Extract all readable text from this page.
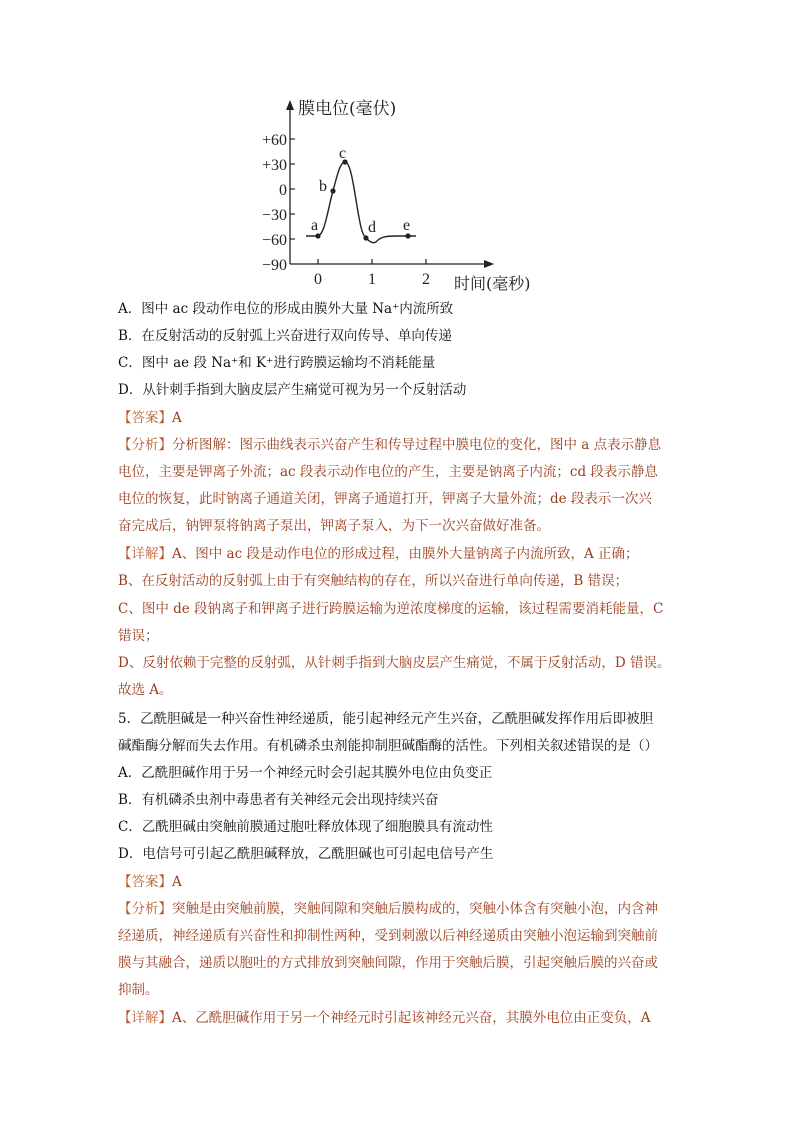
+60
+30
0
−30
−60
−90
0	1	2
膜电位(毫伏)
时间(毫秒)
a
b
c
d e
A．图中 ac 段动作电位的形成由膜外大量 Na⁺内流所致
B．在反射活动的反射弧上兴奋进行双向传导、单向传递
C．图中 ae 段 Na⁺和 K⁺进行跨膜运输均不消耗能量
D．从针刺手指到大脑皮层产生痛觉可视为另一个反射活动
【答案】A
【分析】分析图解：图示曲线表示兴奋产生和传导过程中膜电位的变化，图中 a 点表示静息
电位，主要是钾离子外流；ac 段表示动作电位的产生，主要是钠离子内流；cd 段表示静息
电位的恢复，此时钠离子通道关闭，钾离子通道打开，钾离子大量外流；de 段表示一次兴
奋完成后，钠钾泵将钠离子泵出，钾离子泵入，为下一次兴奋做好准备。
【详解】A、图中 ac 段是动作电位的形成过程，由膜外大量钠离子内流所致，A 正确；
B、在反射活动的反射弧上由于有突触结构的存在，所以兴奋进行单向传递，B 错误；
C、图中 de 段钠离子和钾离子进行跨膜运输为逆浓度梯度的运输，该过程需要消耗能量，C
错误；
D、反射依赖于完整的反射弧，从针刺手指到大脑皮层产生痛觉，不属于反射活动，D 错误。
故选 A。
5．乙酰胆碱是一种兴奋性神经递质，能引起神经元产生兴奋，乙酰胆碱发挥作用后即被胆
碱酯酶分解而失去作用。有机磷杀虫剂能抑制胆碱酯酶的活性。下列相关叙述错误的是（）
A．乙酰胆碱作用于另一个神经元时会引起其膜外电位由负变正
B．有机磷杀虫剂中毒患者有关神经元会出现持续兴奋
C．乙酰胆碱由突触前膜通过胞吐释放体现了细胞膜具有流动性
D．电信号可引起乙酰胆碱释放，乙酰胆碱也可引起电信号产生
【答案】A
【分析】突触是由突触前膜，突触间隙和突触后膜构成的，突触小体含有突触小泡，内含神
经递质，神经递质有兴奋性和抑制性两种，受到刺激以后神经递质由突触小泡运输到突触前
膜与其融合，递质以胞吐的方式排放到突触间隙，作用于突触后膜，引起突触后膜的兴奋或
抑制。
【详解】A、乙酰胆碱作用于另一个神经元时引起该神经元兴奋，其膜外电位由正变负，A
